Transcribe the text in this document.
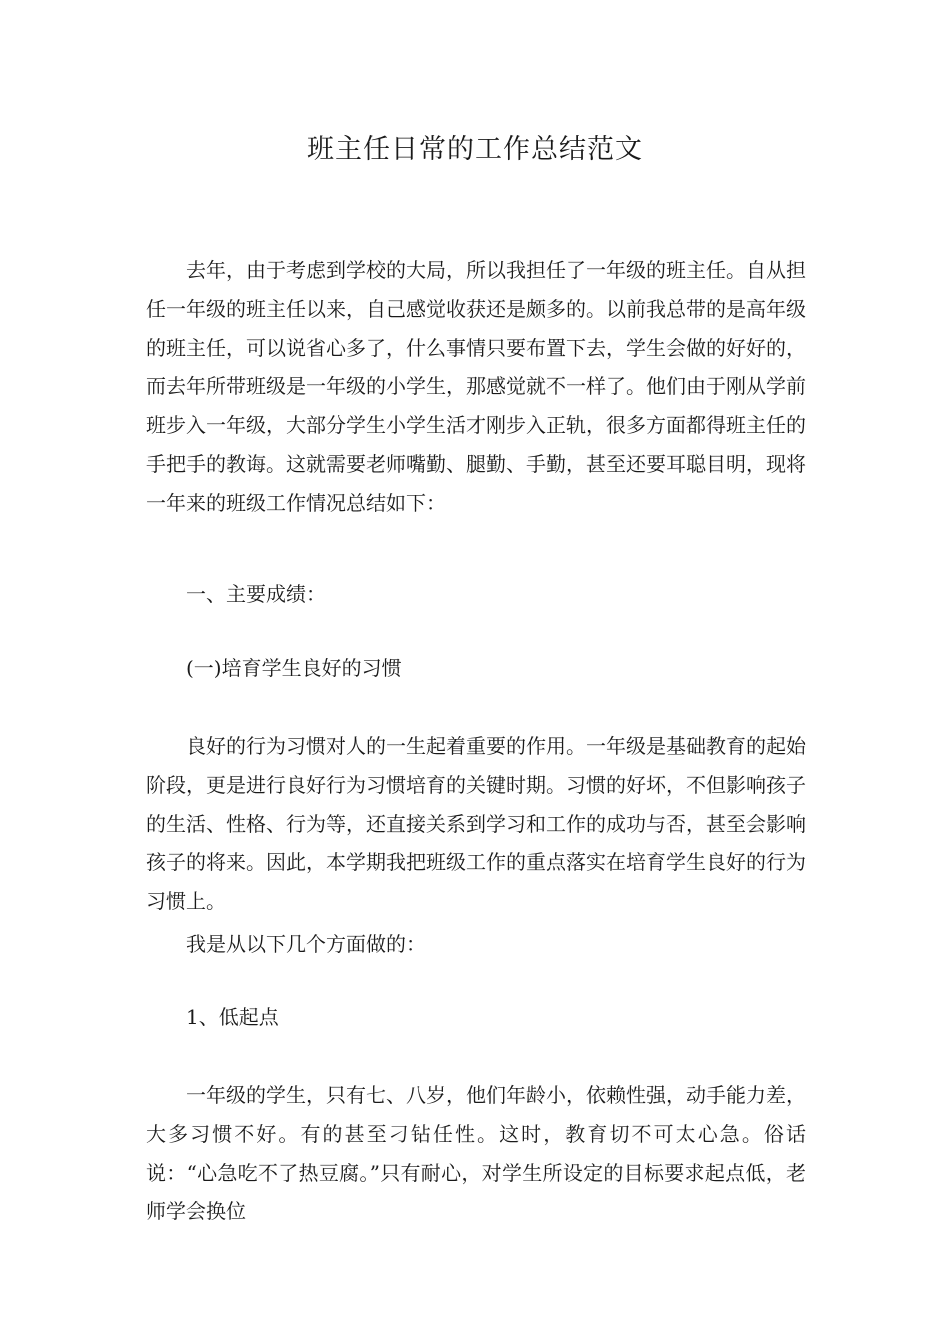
班主任日常的工作总结范文

去年，由于考虑到学校的大局，所以我担任了一年级的班主任。自从担任一年级的班主任以来，自己感觉收获还是颇多的。以前我总带的是高年级的班主任，可以说省心多了，什么事情只要布置下去，学生会做的好好的，而去年所带班级是一年级的小学生，那感觉就不一样了。他们由于刚从学前班步入一年级，大部分学生小学生活才刚步入正轨，很多方面都得班主任的手把手的教诲。这就需要老师嘴勤、腿勤、手勤，甚至还要耳聪目明，现将一年来的班级工作情况总结如下：

一、主要成绩：

(一)培育学生良好的习惯

良好的行为习惯对人的一生起着重要的作用。一年级是基础教育的起始阶段，更是进行良好行为习惯培育的关键时期。习惯的好坏，不但影响孩子的生活、性格、行为等，还直接关系到学习和工作的成功与否，甚至会影响孩子的将来。因此，本学期我把班级工作的重点落实在培育学生良好的行为习惯上。

我是从以下几个方面做的：

1、低起点

一年级的学生，只有七、八岁，他们年龄小，依赖性强，动手能力差，大多习惯不好。有的甚至刁钻任性。这时，教育切不可太心急。俗话说：“心急吃不了热豆腐。”只有耐心，对学生所设定的目标要求起点低，老师学会换位
